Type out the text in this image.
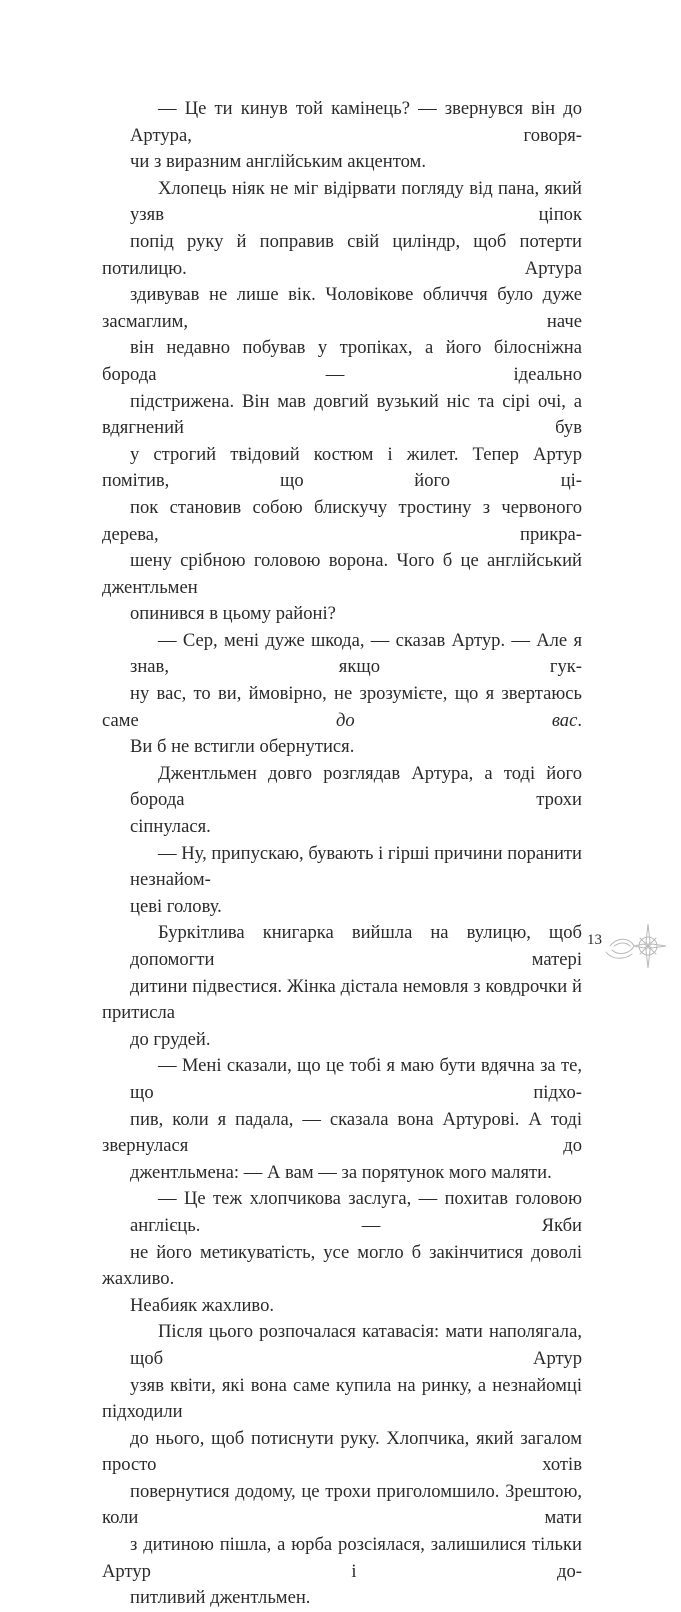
— Це ти кинув той камінець? — звернувся він до Артура, говоря-
чи з виразним англійським акцентом.

Хлопець ніяк не міг відірвати погляду від пана, який узяв ціпок
попід руку й поправив свій циліндр, щоб потерти потилицю. Артура
здивував не лише вік. Чоловікове обличчя було дуже засмаглим, наче
він недавно побував у тропіках, а його білосніжна борода — ідеально
підстрижена. Він мав довгий вузький ніс та сірі очі, а вдягнений був
у строгий твідовий костюм і жилет. Тепер Артур помітив, що його ці-
пок становив собою блискучу тростину з червоного дерева, прикра-
шену срібною головою ворона. Чого б це англійський джентльмен
опинився в цьому районі?

— Сер, мені дуже шкода, — сказав Артур. — Але я знав, якщо гук-
ну вас, то ви, ймовірно, не зрозумієте, що я звертаюсь саме до вас.
Ви б не встигли обернутися.

Джентльмен довго розглядав Артура, а тоді його борода трохи
сіпнулася.

— Ну, припускаю, бувають і гірші причини поранити незнайом-
цеві голову.

Буркітлива книгарка вийшла на вулицю, щоб допомогти матері
дитини підвестися. Жінка дістала немовля з ковдрочки й притисла
до грудей.

— Мені сказали, що це тобі я маю бути вдячна за те, що підхо-
пив, коли я падала, — сказала вона Артурові. А тоді звернулася до
джентльмена: — А вам — за порятунок мого маляти.

— Це теж хлопчикова заслуга, — похитав головою англієць. — Якби
не його метикуватість, усе могло б закінчитися доволі жахливо.
Неабияк жахливо.

Після цього розпочалася катавасія: мати наполягала, щоб Артур
узяв квіти, які вона саме купила на ринку, а незнайомці підходили
до нього, щоб потиснути руку. Хлопчика, який загалом просто хотів
повернутися додому, це трохи приголомшило. Зрештою, коли мати
з дитиною пішла, а юрба розсіялася, залишилися тільки Артур і до-
питливий джентльмен.

13
